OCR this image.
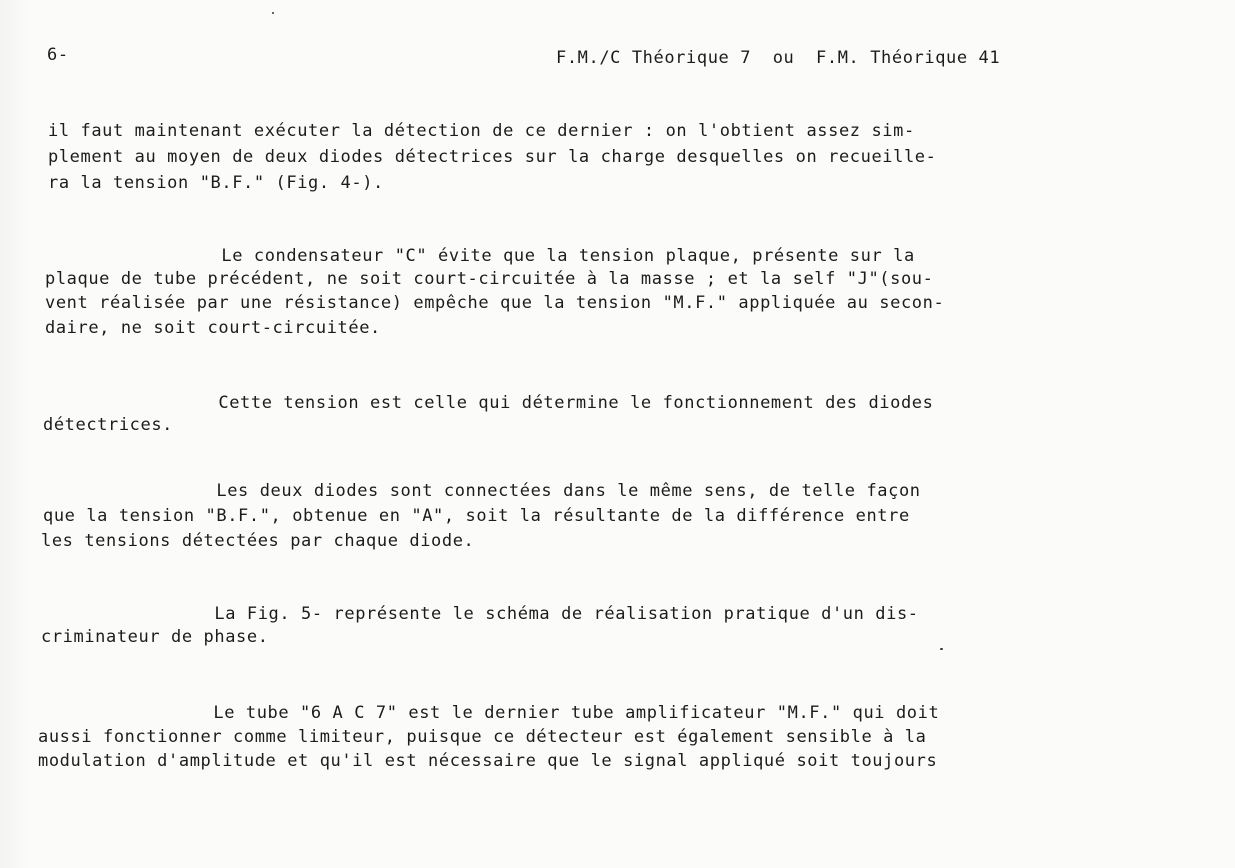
6-	F.M./C Théorique 7  ou  F.M. Théorique 41
il faut maintenant exécuter la détection de ce dernier : on l'obtient assez sim-
plement au moyen de deux diodes détectrices sur la charge desquelles on recueille-
ra la tension "B.F." (Fig. 4-).
Le condensateur "C" évite que la tension plaque, présente sur la
plaque de tube précédent, ne soit court-circuitée à la masse ; et la self "J"(sou-
vent réalisée par une résistance) empêche que la tension "M.F." appliquée au secon-
daire, ne soit court-circuitée.
Cette tension est celle qui détermine le fonctionnement des diodes
détectrices.
Les deux diodes sont connectées dans le même sens, de telle façon
que la tension "B.F.", obtenue en "A", soit la résultante de la différence entre
les tensions détectées par chaque diode.
La Fig. 5- représente le schéma de réalisation pratique d'un dis-
criminateur de phase.
Le tube "6 A C 7" est le dernier tube amplificateur "M.F." qui doit
aussi fonctionner comme limiteur, puisque ce détecteur est également sensible à la
modulation d'amplitude et qu'il est nécessaire que le signal appliqué soit toujours
